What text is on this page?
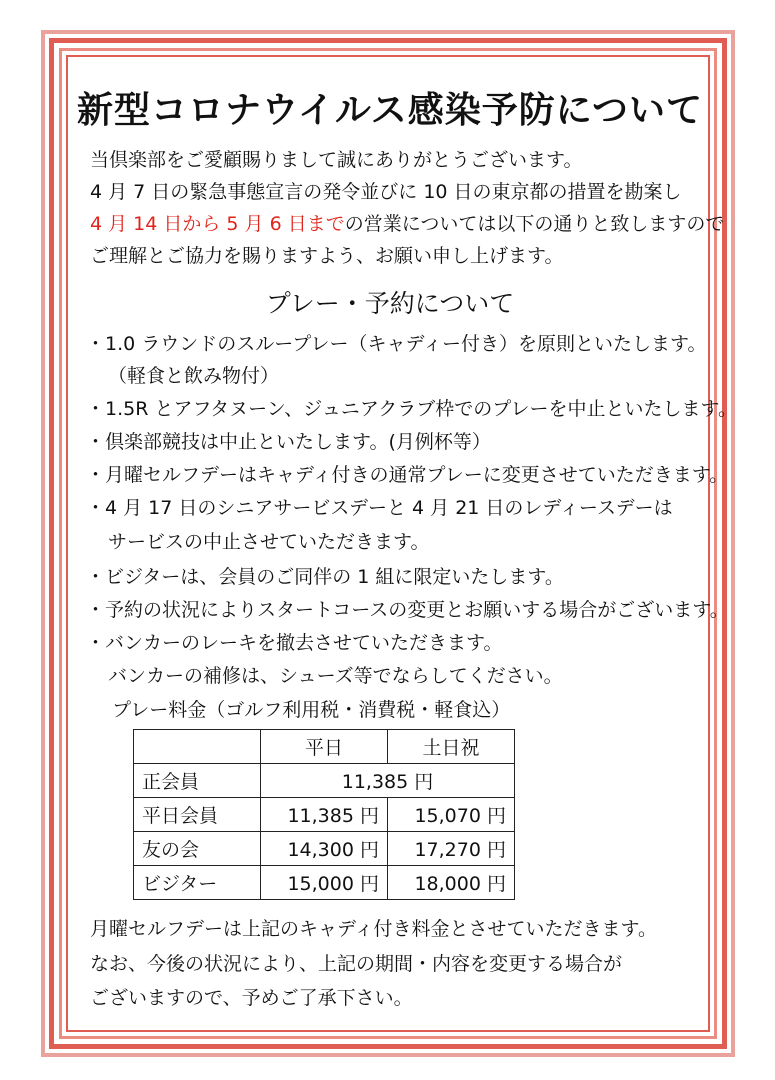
新型コロナウイルス感染予防について
当倶楽部をご愛顧賜りまして誠にありがとうございます。
4 月 7 日の緊急事態宣言の発令並びに 10 日の東京都の措置を勘案し
4 月 14 日から 5 月 6 日までの営業については以下の通りと致しますので
ご理解とご協力を賜りますよう、お願い申し上げます。
プレー・予約について
・1.0 ラウンドのスループレー（キャディー付き）を原則といたします。
（軽食と飲み物付）
・1.5R とアフタヌーン、ジュニアクラブ枠でのプレーを中止といたします。
・倶楽部競技は中止といたします。(月例杯等）
・月曜セルフデーはキャディ付きの通常プレーに変更させていただきます。
・4 月 17 日のシニアサービスデーと 4 月 21 日のレディースデーは
サービスの中止させていただきます。
・ビジターは、会員のご同伴の 1 組に限定いたします。
・予約の状況によりスタートコースの変更とお願いする場合がございます。
・バンカーのレーキを撤去させていただきます。
バンカーの補修は、シューズ等でならしてください。
プレー料金（ゴルフ利用税・消費税・軽食込）
	平日	土日祝
正会員	11,385 円	
平日会員	11,385 円	15,070 円
友の会	14,300 円	17,270 円
ビジター	15,000 円	18,000 円
月曜セルフデーは上記のキャディ付き料金とさせていただきます。
なお、今後の状況により、上記の期間・内容を変更する場合が
ございますので、予めご了承下さい。
